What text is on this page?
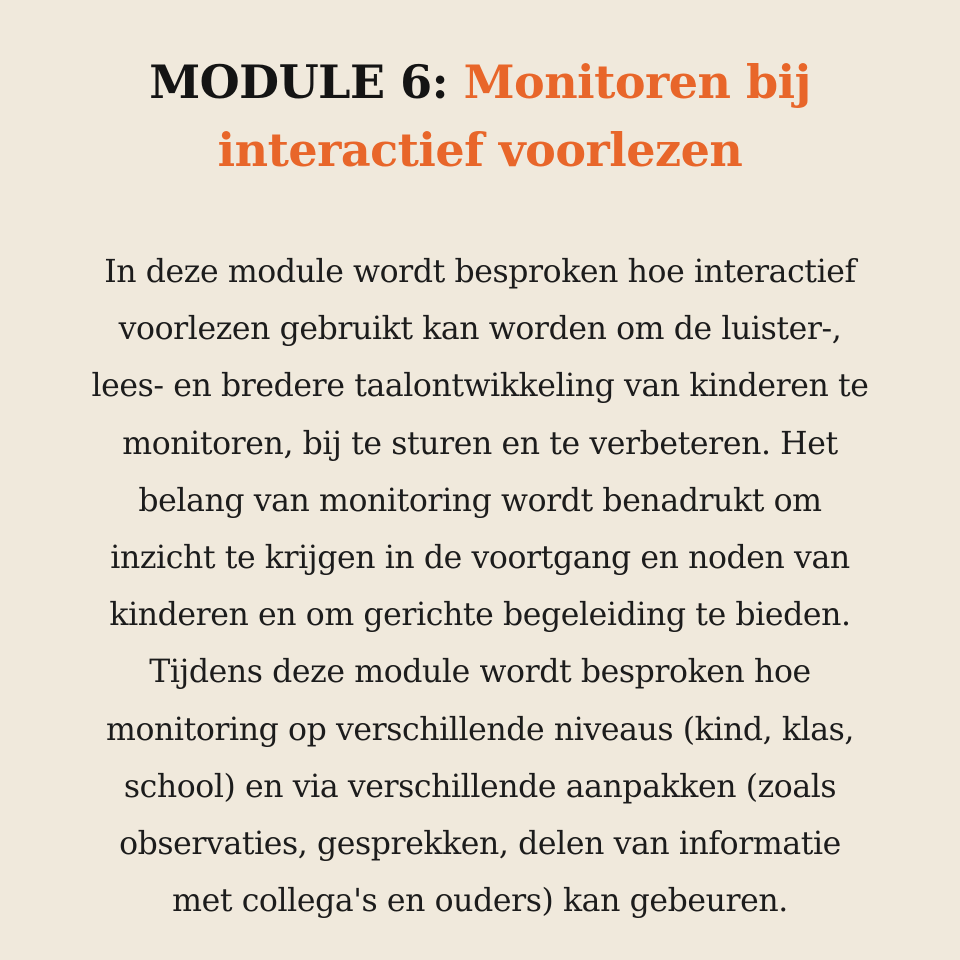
MODULE 6: Monitoren bij
interactief voorlezen

In deze module wordt besproken hoe interactief
voorlezen gebruikt kan worden om de luister-,
lees- en bredere taalontwikkeling van kinderen te
monitoren, bij te sturen en te verbeteren. Het
belang van monitoring wordt benadrukt om
inzicht te krijgen in de voortgang en noden van
kinderen en om gerichte begeleiding te bieden.
Tijdens deze module wordt besproken hoe
monitoring op verschillende niveaus (kind, klas,
school) en via verschillende aanpakken (zoals
observaties, gesprekken, delen van informatie
met collega's en ouders) kan gebeuren.
